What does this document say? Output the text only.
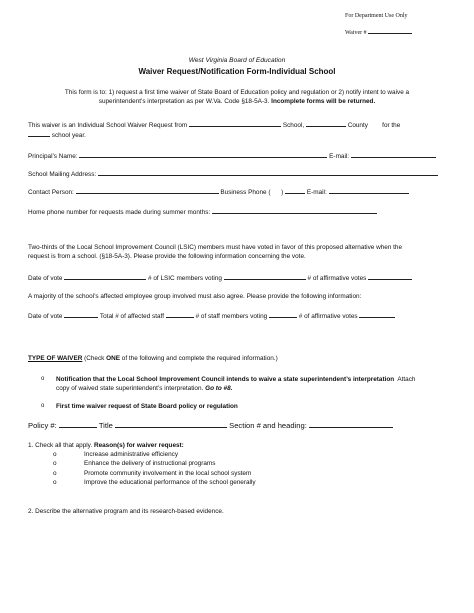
For Department Use Only
Waiver #
West Virginia Board of Education
Waiver Request/Notification Form-Individual School
This form is to: 1) request a first time waiver of State Board of Education policy and regulation or 2) notify intent to waive a
superintendent’s interpretation as per W.Va. Code §18-5A-3. Incomplete forms will be returned.
This waiver is an Individual School Waiver Request from	School,	County for the
school year.
Principal’s Name:	E-mail:
School Mailing Address:
Contact Person:	Business Phone ( )	E-mail:
Home phone number for requests made during summer months:
Two-thirds of the Local School Improvement Council (LSIC) members must have voted in favor of this proposed alternative when the
request is from a school. (§18-5A-3). Please provide the following information concerning the vote.
Date of vote	# of LSIC members voting	# of affirmative votes
A majority of the school’s affected employee group involved must also agree. Please provide the following information:
Date of vote	Total # of affected staff	# of staff members voting	# of affirmative votes
TYPE OF WAIVER (Check ONE of the following and complete the required information.)
o Notification that the Local School Improvement Council intends to waive a state superintendent’s interpretation  Attach
copy of waived state superintendent’s interpretation. Go to #8.
o First time waiver request of State Board policy or regulation
Policy #:	Title	Section # and heading:
1. Check all that apply. Reason(s) for waiver request:
o	Increase administrative efficiency
o	Enhance the delivery of instructional programs
o	Promote community involvement in the local school system
o	Improve the educational performance of the school generally
2. Describe the alternative program and its research-based evidence.
